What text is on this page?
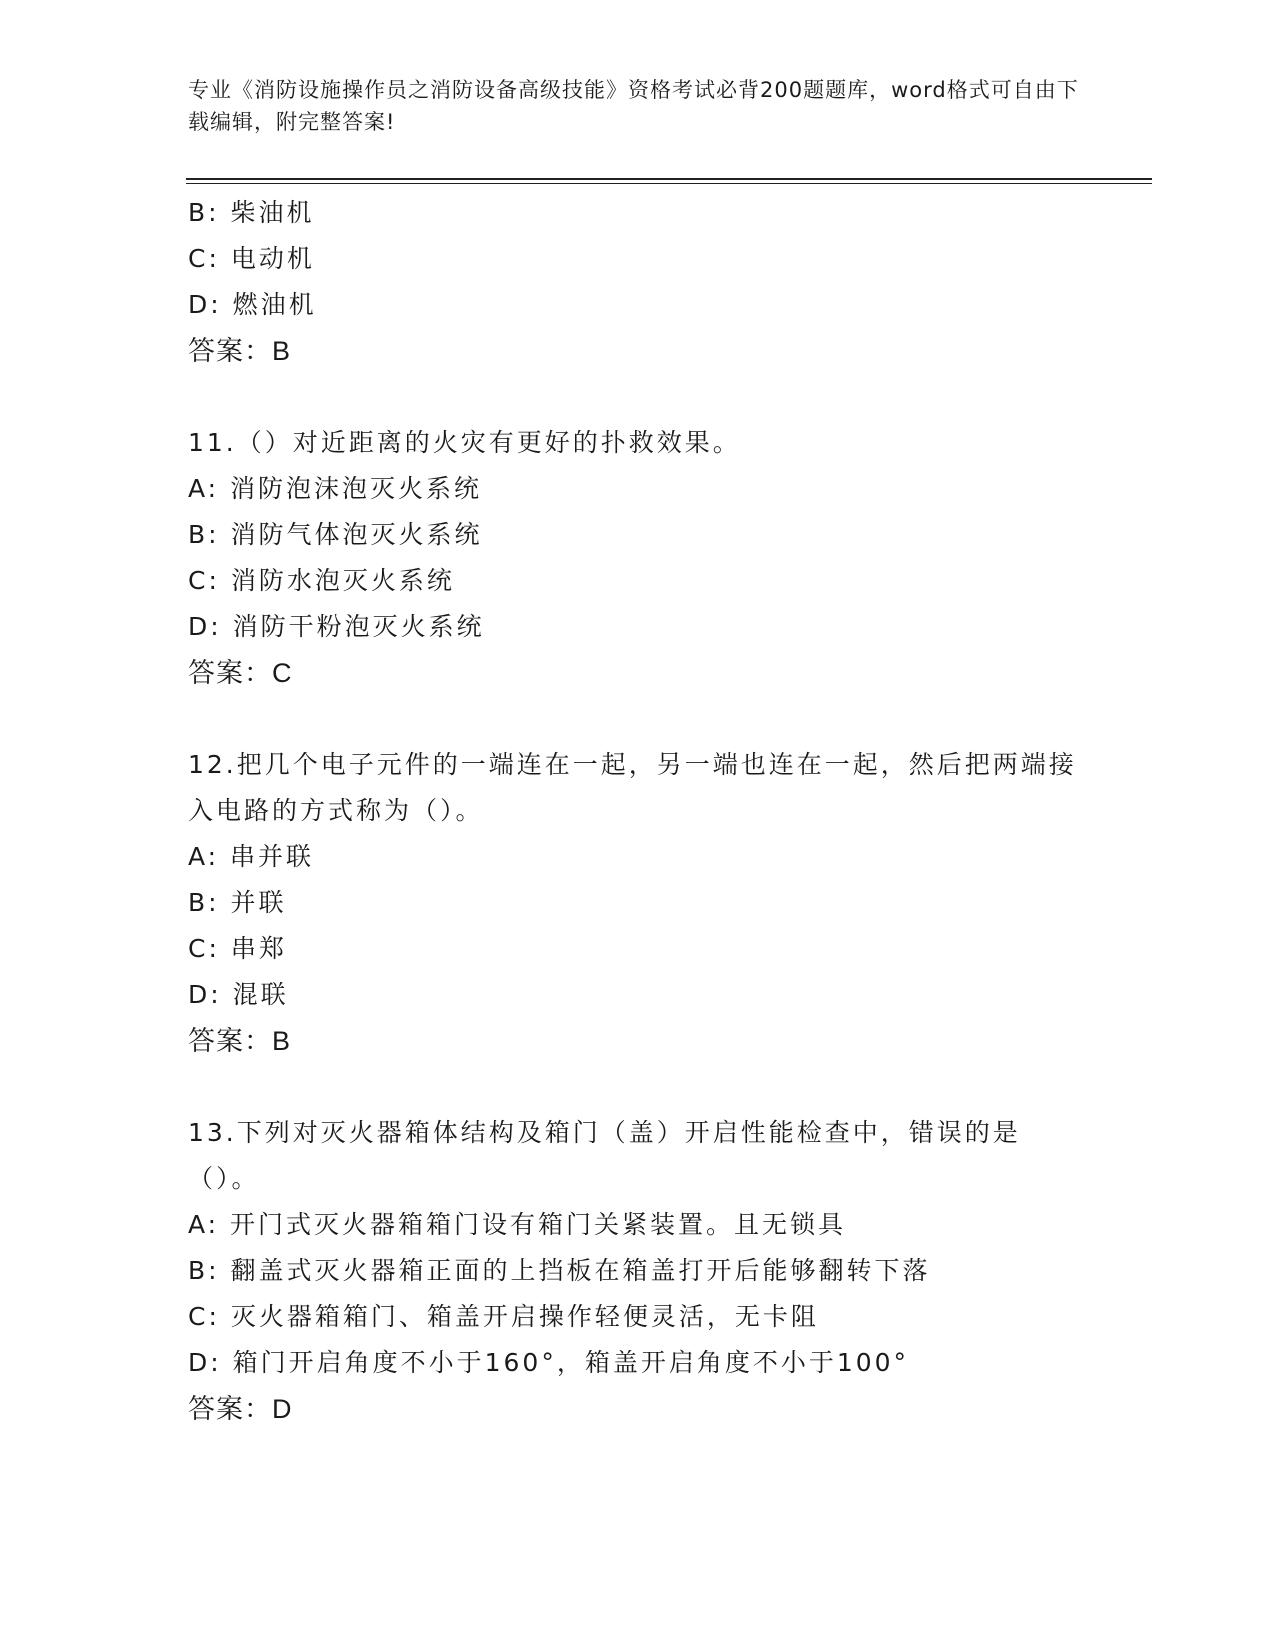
专业《消防设施操作员之消防设备高级技能》资格考试必背200题题库，word格式可自由下载编辑，附完整答案!
B: 柴油机
C: 电动机
D: 燃油机
答案：B
11.（）对近距离的火灾有更好的扑救效果。
A: 消防泡沫泡灭火系统
B: 消防气体泡灭火系统
C: 消防水泡灭火系统
D: 消防干粉泡灭火系统
答案：C
12.把几个电子元件的一端连在一起，另一端也连在一起，然后把两端接入电路的方式称为（）。
A: 串并联
B: 并联
C: 串郑
D: 混联
答案：B
13.下列对灭火器箱体结构及箱门（盖）开启性能检查中，错误的是（）。
A: 开门式灭火器箱箱门设有箱门关紧装置。且无锁具
B: 翻盖式灭火器箱正面的上挡板在箱盖打开后能够翻转下落
C: 灭火器箱箱门、箱盖开启操作轻便灵活，无卡阻
D: 箱门开启角度不小于160°，箱盖开启角度不小于100°
答案：D
